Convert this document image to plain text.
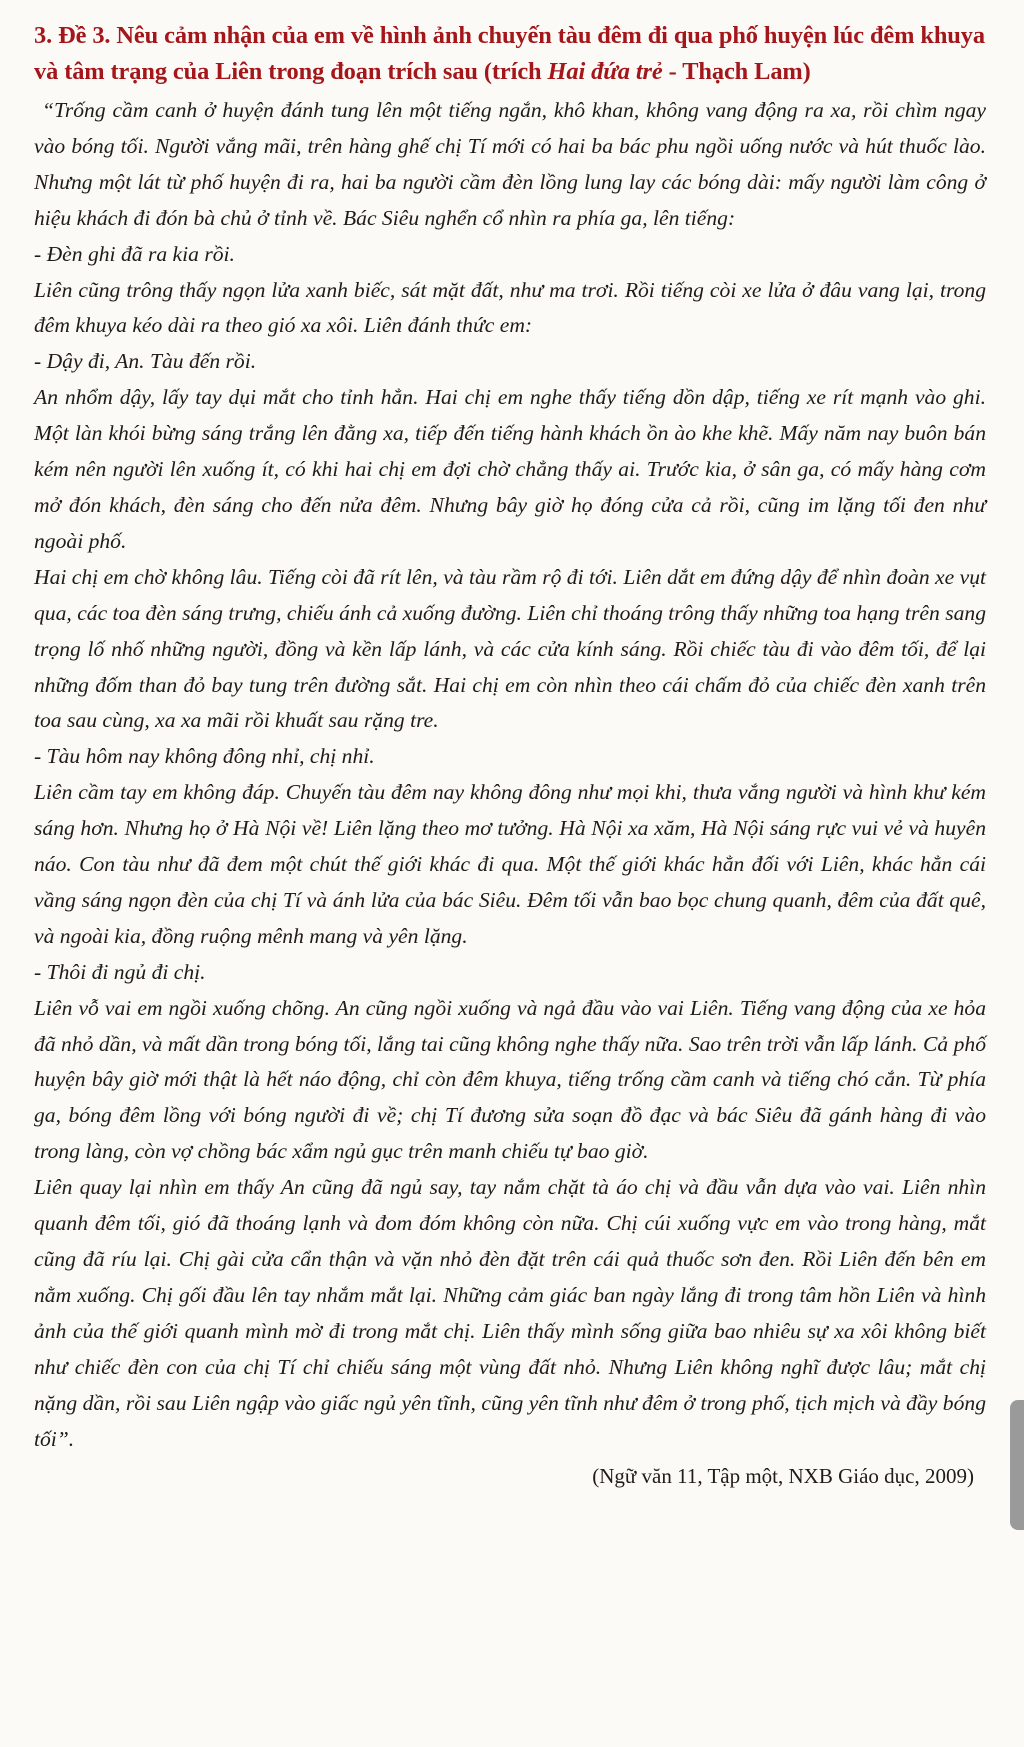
3. Đề 3. Nêu cảm nhận của em về hình ảnh chuyến tàu đêm đi qua phố huyện lúc đêm khuya và tâm trạng của Liên trong đoạn trích sau (trích Hai đứa trẻ - Thạch Lam)

“Trống cầm canh ở huyện đánh tung lên một tiếng ngắn, khô khan, không vang động ra xa, rồi chìm ngay vào bóng tối. Người vắng mãi, trên hàng ghế chị Tí mới có hai ba bác phu ngồi uống nước và hút thuốc lào. Nhưng một lát từ phố huyện đi ra, hai ba người cầm đèn lồng lung lay các bóng dài: mấy người làm công ở hiệu khách đi đón bà chủ ở tỉnh về. Bác Siêu nghển cổ nhìn ra phía ga, lên tiếng:

- Đèn ghi đã ra kia rồi.

Liên cũng trông thấy ngọn lửa xanh biếc, sát mặt đất, như ma trơi. Rồi tiếng còi xe lửa ở đâu vang lại, trong đêm khuya kéo dài ra theo gió xa xôi. Liên đánh thức em:

- Dậy đi, An. Tàu đến rồi.

An nhổm dậy, lấy tay dụi mắt cho tỉnh hẳn. Hai chị em nghe thấy tiếng dồn dập, tiếng xe rít mạnh vào ghi. Một làn khói bừng sáng trắng lên đằng xa, tiếp đến tiếng hành khách ồn ào khe khẽ. Mấy năm nay buôn bán kém nên người lên xuống ít, có khi hai chị em đợi chờ chẳng thấy ai. Trước kia, ở sân ga, có mấy hàng cơm mở đón khách, đèn sáng cho đến nửa đêm. Nhưng bây giờ họ đóng cửa cả rồi, cũng im lặng tối đen như ngoài phố.

Hai chị em chờ không lâu. Tiếng còi đã rít lên, và tàu rầm rộ đi tới. Liên dắt em đứng dậy để nhìn đoàn xe vụt qua, các toa đèn sáng trưng, chiếu ánh cả xuống đường. Liên chỉ thoáng trông thấy những toa hạng trên sang trọng lố nhố những người, đồng và kền lấp lánh, và các cửa kính sáng. Rồi chiếc tàu đi vào đêm tối, để lại những đốm than đỏ bay tung trên đường sắt. Hai chị em còn nhìn theo cái chấm đỏ của chiếc đèn xanh trên toa sau cùng, xa xa mãi rồi khuất sau rặng tre.

- Tàu hôm nay không đông nhỉ, chị nhỉ.

Liên cầm tay em không đáp. Chuyến tàu đêm nay không đông như mọi khi, thưa vắng người và hình khư kém sáng hơn. Nhưng họ ở Hà Nội về! Liên lặng theo mơ tưởng. Hà Nội xa xăm, Hà Nội sáng rực vui vẻ và huyên náo. Con tàu như đã đem một chút thế giới khác đi qua. Một thế giới khác hẳn đối với Liên, khác hẳn cái vầng sáng ngọn đèn của chị Tí và ánh lửa của bác Siêu. Đêm tối vẫn bao bọc chung quanh, đêm của đất quê, và ngoài kia, đồng ruộng mênh mang và yên lặng.

- Thôi đi ngủ đi chị.

Liên vỗ vai em ngồi xuống chõng. An cũng ngồi xuống và ngả đầu vào vai Liên. Tiếng vang động của xe hỏa đã nhỏ dần, và mất dần trong bóng tối, lắng tai cũng không nghe thấy nữa. Sao trên trời vẫn lấp lánh. Cả phố huyện bây giờ mới thật là hết náo động, chỉ còn đêm khuya, tiếng trống cầm canh và tiếng chó cắn. Từ phía ga, bóng đêm lồng với bóng người đi về; chị Tí đương sửa soạn đồ đạc và bác Siêu đã gánh hàng đi vào trong làng, còn vợ chồng bác xẩm ngủ gục trên manh chiếu tự bao giờ.

Liên quay lại nhìn em thấy An cũng đã ngủ say, tay nắm chặt tà áo chị và đầu vẫn dựa vào vai. Liên nhìn quanh đêm tối, gió đã thoáng lạnh và đom đóm không còn nữa. Chị cúi xuống vực em vào trong hàng, mắt cũng đã ríu lại. Chị gài cửa cẩn thận và vặn nhỏ đèn đặt trên cái quả thuốc sơn đen. Rồi Liên đến bên em nằm xuống. Chị gối đầu lên tay nhắm mắt lại. Những cảm giác ban ngày lắng đi trong tâm hồn Liên và hình ảnh của thế giới quanh mình mờ đi trong mắt chị. Liên thấy mình sống giữa bao nhiêu sự xa xôi không biết như chiếc đèn con của chị Tí chỉ chiếu sáng một vùng đất nhỏ. Nhưng Liên không nghĩ được lâu; mắt chị nặng dần, rồi sau Liên ngập vào giấc ngủ yên tĩnh, cũng yên tĩnh như đêm ở trong phố, tịch mịch và đầy bóng tối”.

(Ngữ văn 11, Tập một, NXB Giáo dục, 2009)
